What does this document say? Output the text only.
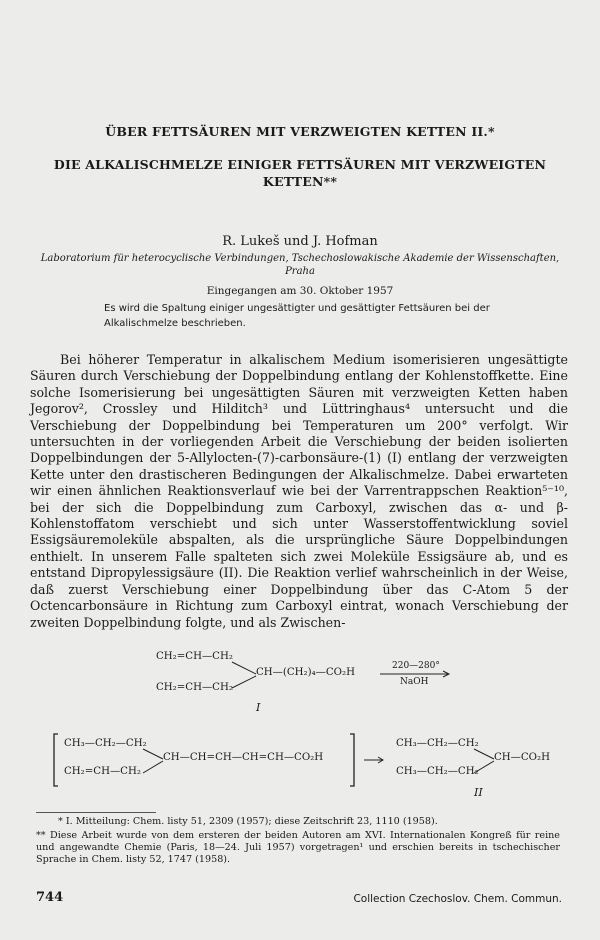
ÜBER FETTSÄUREN MIT VERZWEIGTEN KETTEN II.*
DIE ALKALISCHMELZE EINIGER FETTSÄUREN MIT VERZWEIGTEN
KETTEN**
R. Lukeš und J. Hofman
Laboratorium für heterocyclische Verbindungen, Tschechoslowakische Akademie der Wissenschaften, Praha
Eingegangen am 30. Oktober 1957
Es wird die Spaltung einiger ungesättigter und gesättigter Fettsäuren bei der Alkalischmelze beschrieben.

Bei höherer Temperatur in alkalischem Medium isomerisieren ungesättigte Säuren durch Verschiebung der Doppelbindung entlang der Kohlenstoffkette. Eine solche Isomerisierung bei ungesättigten Säuren mit verzweigten Ketten haben Jegorov², Crossley und Hilditch³ und Lüttringhaus⁴ untersucht und die Verschiebung der Doppelbindung bei Temperaturen um 200° verfolgt. Wir untersuchten in der vorliegenden Arbeit die Verschiebung der beiden isolierten Doppelbindungen der 5-Allylocten-(7)-carbonsäure-(1) (I) entlang der verzweigten Kette unter den drastischeren Bedingungen der Alkalischmelze. Dabei erwarteten wir einen ähnlichen Reaktionsverlauf wie bei der Varrentrappschen Reaktion⁵⁻¹⁰, bei der sich die Doppelbindung zum Carboxyl, zwischen das α- und β-Kohlenstoffatom verschiebt und sich unter Wasserstoffentwicklung soviel Essigsäuremoleküle abspalten, als die ursprüngliche Säure Doppelbindungen enthielt. In unserem Falle spalteten sich zwei Moleküle Essigsäure ab, und es entstand Dipropylessigsäure (II). Die Reaktion verlief wahrscheinlich in der Weise, daß zuerst Verschiebung einer Doppelbindung über das C-Atom 5 der Octencarbonsäure in Richtung zum Carboxyl eintrat, wonach Verschiebung der zweiten Doppelbindung folgte, und als Zwischen-

CH₂=CH—CH₂
CH₂=CH—CH₂
CH—(CH₂)₄—CO₂H
I
220—280°
NaOH
CH₃—CH₂—CH₂
CH₂=CH—CH₂
CH—CH=CH—CH=CH—CO₂H
CH₃—CH₂—CH₂
CH₃—CH₂—CH₂
CH—CO₂H
II
* I. Mitteilung: Chem. listy 51, 2309 (1957); diese Zeitschrift 23, 1110 (1958).
** Diese Arbeit wurde von dem ersteren der beiden Autoren am XVI. Internationalen Kongreß für reine und angewandte Chemie (Paris, 18—24. Juli 1957) vorgetragen¹ und erschien bereits in tschechischer Sprache in Chem. listy 52, 1747 (1958).
744	Collection Czechoslov. Chem. Commun.
